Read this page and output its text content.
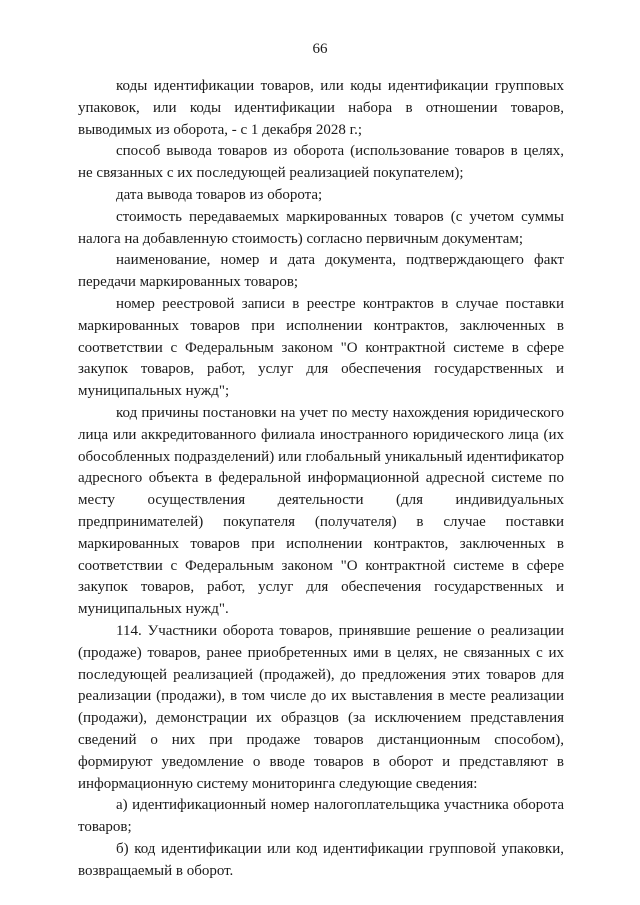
66

коды идентификации товаров, или коды идентификации групповых упаковок, или коды идентификации набора в отношении товаров, выводимых из оборота, - с 1 декабря 2028 г.;

способ вывода товаров из оборота (использование товаров в целях, не связанных с их последующей реализацией покупателем);

дата вывода товаров из оборота;

стоимость передаваемых маркированных товаров (с учетом суммы налога на добавленную стоимость) согласно первичным документам;

наименование, номер и дата документа, подтверждающего факт передачи маркированных товаров;

номер реестровой записи в реестре контрактов в случае поставки маркированных товаров при исполнении контрактов, заключенных в соответствии с Федеральным законом "О контрактной системе в сфере закупок товаров, работ, услуг для обеспечения государственных и муниципальных нужд";

код причины постановки на учет по месту нахождения юридического лица или аккредитованного филиала иностранного юридического лица (их обособленных подразделений) или глобальный уникальный идентификатор адресного объекта в федеральной информационной адресной системе по месту осуществления деятельности (для индивидуальных предпринимателей) покупателя (получателя) в случае поставки маркированных товаров при исполнении контрактов, заключенных в соответствии с Федеральным законом "О контрактной системе в сфере закупок товаров, работ, услуг для обеспечения государственных и муниципальных нужд".

114. Участники оборота товаров, принявшие решение о реализации (продаже) товаров, ранее приобретенных ими в целях, не связанных с их последующей реализацией (продажей), до предложения этих товаров для реализации (продажи), в том числе до их выставления в месте реализации (продажи), демонстрации их образцов (за исключением представления сведений о них при продаже товаров дистанционным способом), формируют уведомление о вводе товаров в оборот и представляют в информационную систему мониторинга следующие сведения:

а) идентификационный номер налогоплательщика участника оборота товаров;

б) код идентификации или код идентификации групповой упаковки, возвращаемый в оборот.
